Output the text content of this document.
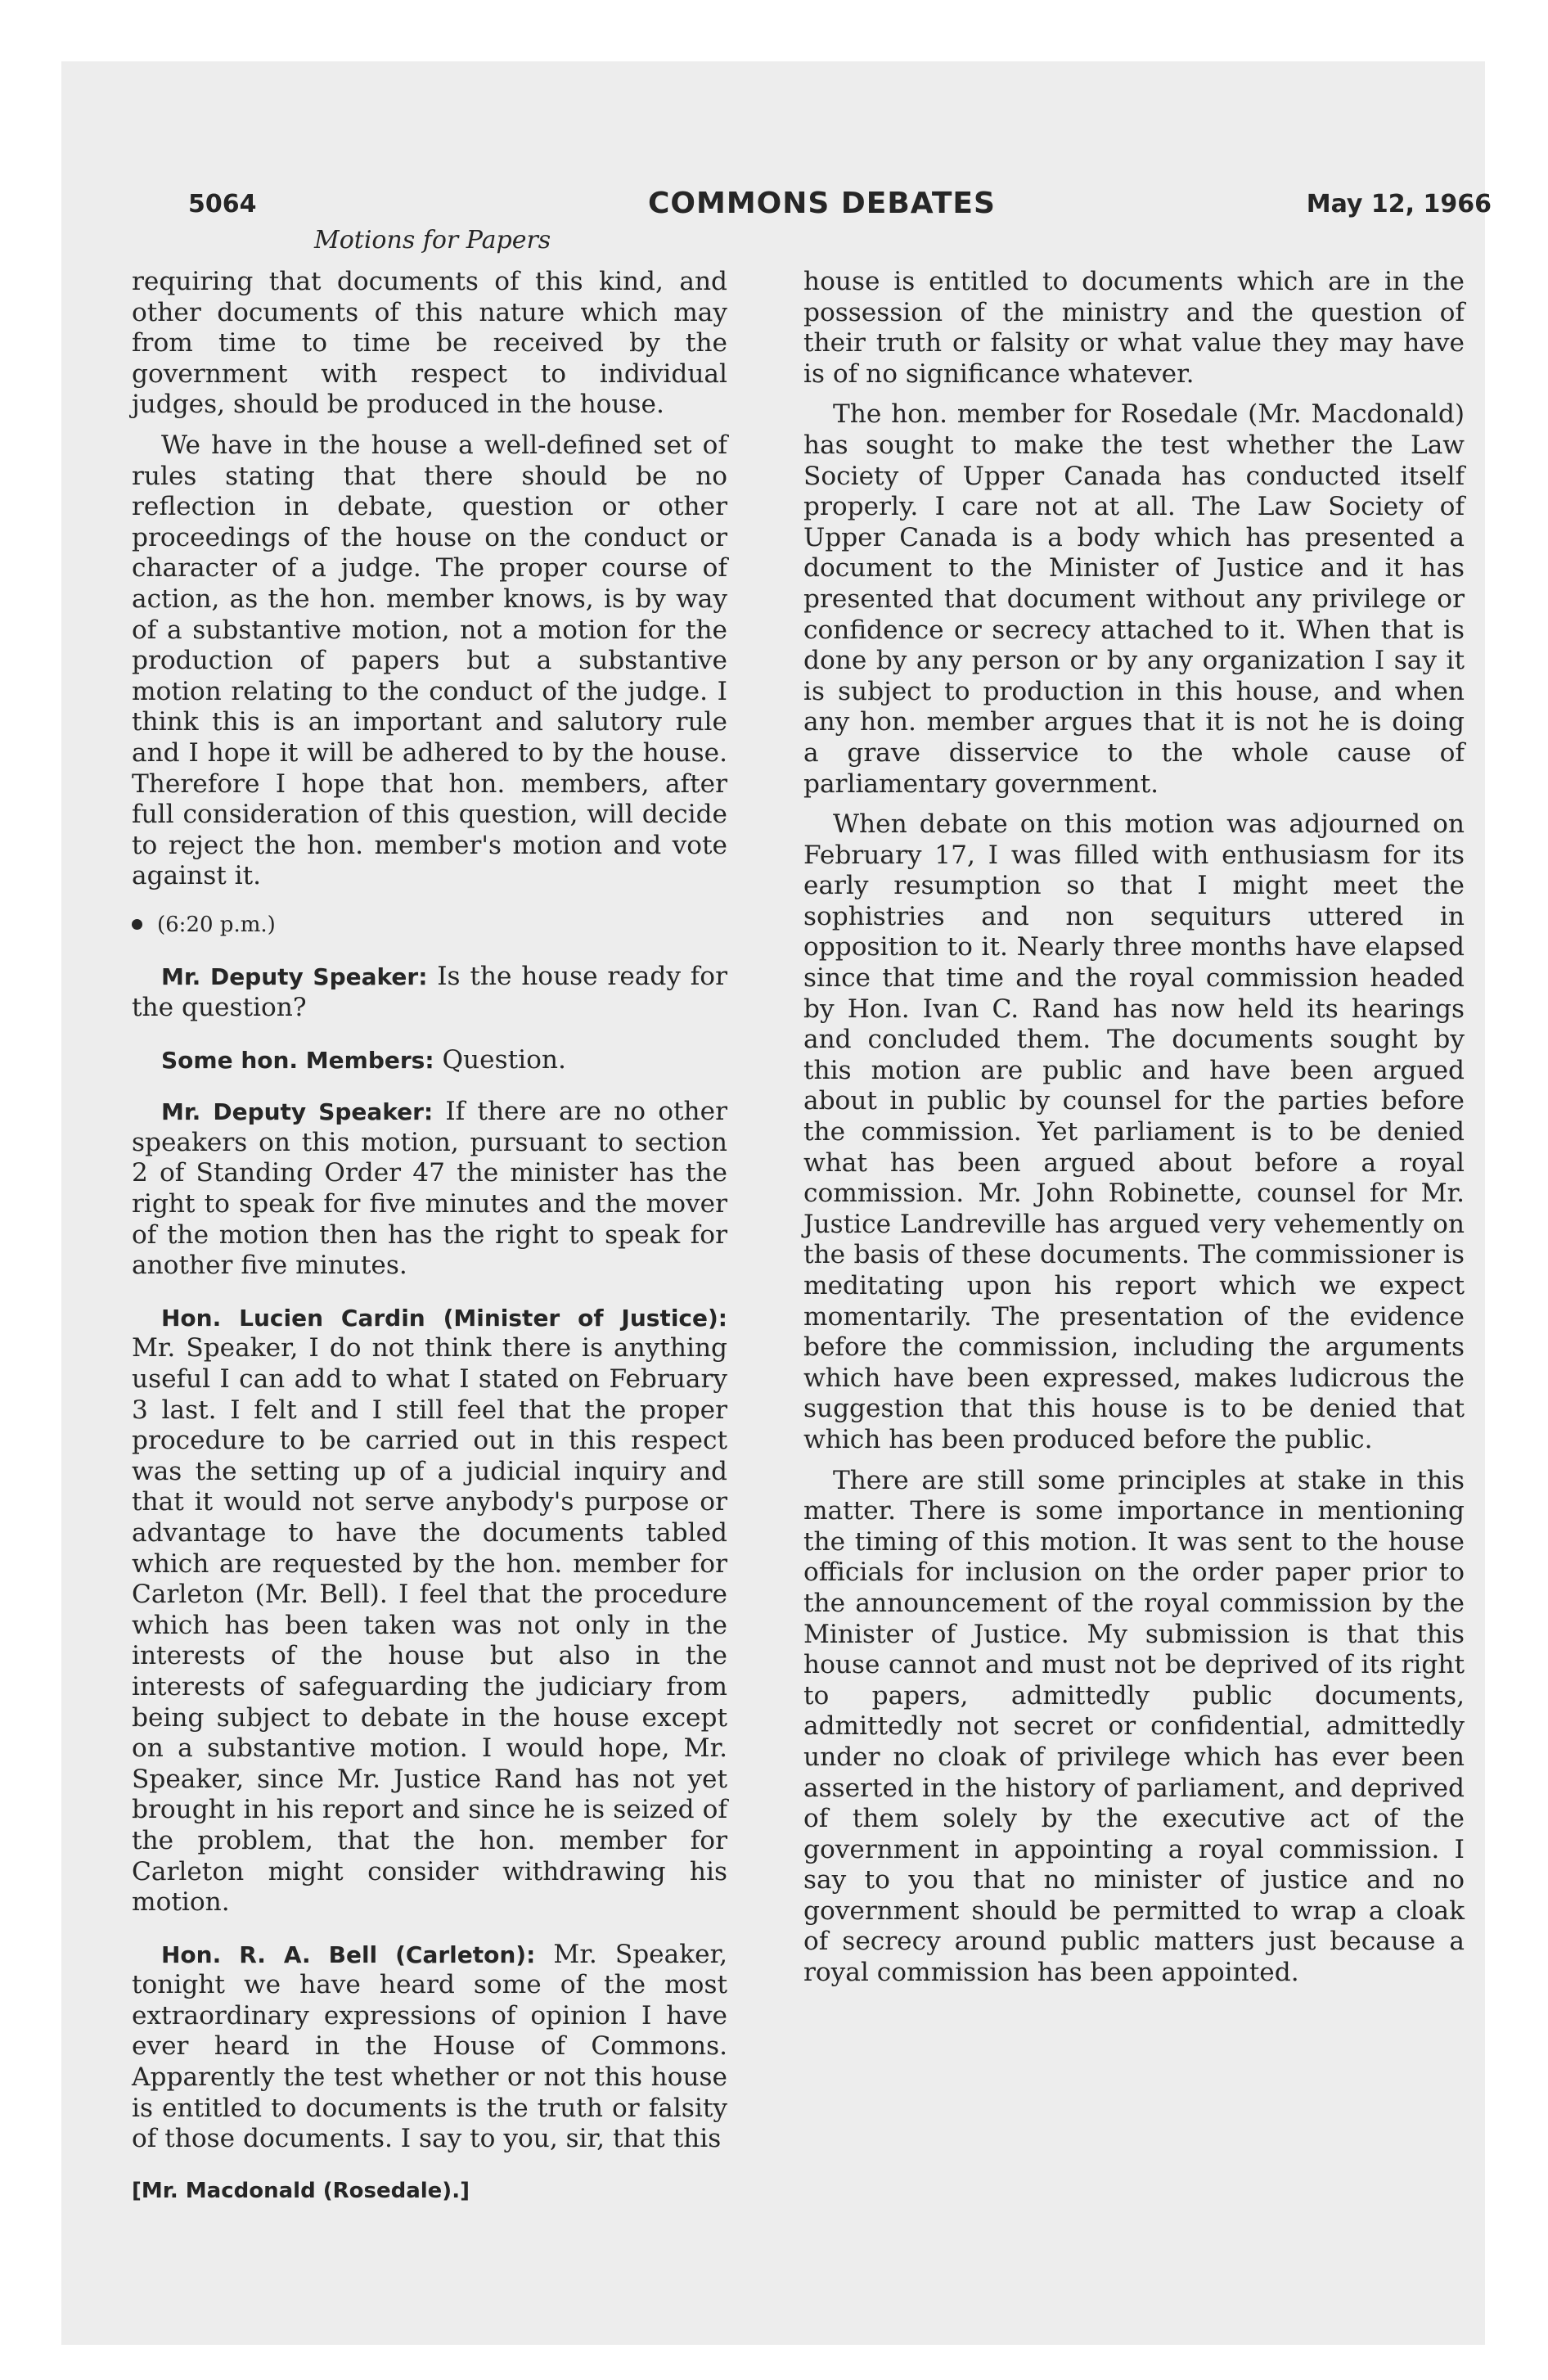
5064	COMMONS DEBATES	May 12, 1966
Motions for Papers

requiring that documents of this kind, and other documents of this nature which may from time to time be received by the government with respect to individual judges, should be produced in the house.

We have in the house a well-defined set of rules stating that there should be no reflection in debate, question or other proceedings of the house on the conduct or character of a judge. The proper course of action, as the hon. member knows, is by way of a substantive motion, not a motion for the production of papers but a substantive motion relating to the conduct of the judge. I think this is an important and salutory rule and I hope it will be adhered to by the house. Therefore I hope that hon. members, after full consideration of this question, will decide to reject the hon. member's motion and vote against it.

(6:20 p.m.)

Mr. Deputy Speaker: Is the house ready for the question?

Some hon. Members: Question.

Mr. Deputy Speaker: If there are no other speakers on this motion, pursuant to section 2 of Standing Order 47 the minister has the right to speak for five minutes and the mover of the motion then has the right to speak for another five minutes.

Hon. Lucien Cardin (Minister of Justice): Mr. Speaker, I do not think there is anything useful I can add to what I stated on February 3 last. I felt and I still feel that the proper procedure to be carried out in this respect was the setting up of a judicial inquiry and that it would not serve anybody's purpose or advantage to have the documents tabled which are requested by the hon. member for Carleton (Mr. Bell). I feel that the procedure which has been taken was not only in the interests of the house but also in the interests of safeguarding the judiciary from being subject to debate in the house except on a substantive motion. I would hope, Mr. Speaker, since Mr. Justice Rand has not yet brought in his report and since he is seized of the problem, that the hon. member for Carleton might consider withdrawing his motion.

Hon. R. A. Bell (Carleton): Mr. Speaker, tonight we have heard some of the most extraordinary expressions of opinion I have ever heard in the House of Commons. Apparently the test whether or not this house is entitled to documents is the truth or falsity of those documents. I say to you, sir, that this

[Mr. Macdonald (Rosedale).]

house is entitled to documents which are in the possession of the ministry and the question of their truth or falsity or what value they may have is of no significance whatever.

The hon. member for Rosedale (Mr. Macdonald) has sought to make the test whether the Law Society of Upper Canada has conducted itself properly. I care not at all. The Law Society of Upper Canada is a body which has presented a document to the Minister of Justice and it has presented that document without any privilege or confidence or secrecy attached to it. When that is done by any person or by any organization I say it is subject to production in this house, and when any hon. member argues that it is not he is doing a grave disservice to the whole cause of parliamentary government.

When debate on this motion was adjourned on February 17, I was filled with enthusiasm for its early resumption so that I might meet the sophistries and non sequiturs uttered in opposition to it. Nearly three months have elapsed since that time and the royal commission headed by Hon. Ivan C. Rand has now held its hearings and concluded them. The documents sought by this motion are public and have been argued about in public by counsel for the parties before the commission. Yet parliament is to be denied what has been argued about before a royal commission. Mr. John Robinette, counsel for Mr. Justice Landreville has argued very vehemently on the basis of these documents. The commissioner is meditating upon his report which we expect momentarily. The presentation of the evidence before the commission, including the arguments which have been expressed, makes ludicrous the suggestion that this house is to be denied that which has been produced before the public.

There are still some principles at stake in this matter. There is some importance in mentioning the timing of this motion. It was sent to the house officials for inclusion on the order paper prior to the announcement of the royal commission by the Minister of Justice. My submission is that this house cannot and must not be deprived of its right to papers, admittedly public documents, admittedly not secret or confidential, admittedly under no cloak of privilege which has ever been asserted in the history of parliament, and deprived of them solely by the executive act of the government in appointing a royal commission. I say to you that no minister of justice and no government should be permitted to wrap a cloak of secrecy around public matters just because a royal commission has been appointed.
